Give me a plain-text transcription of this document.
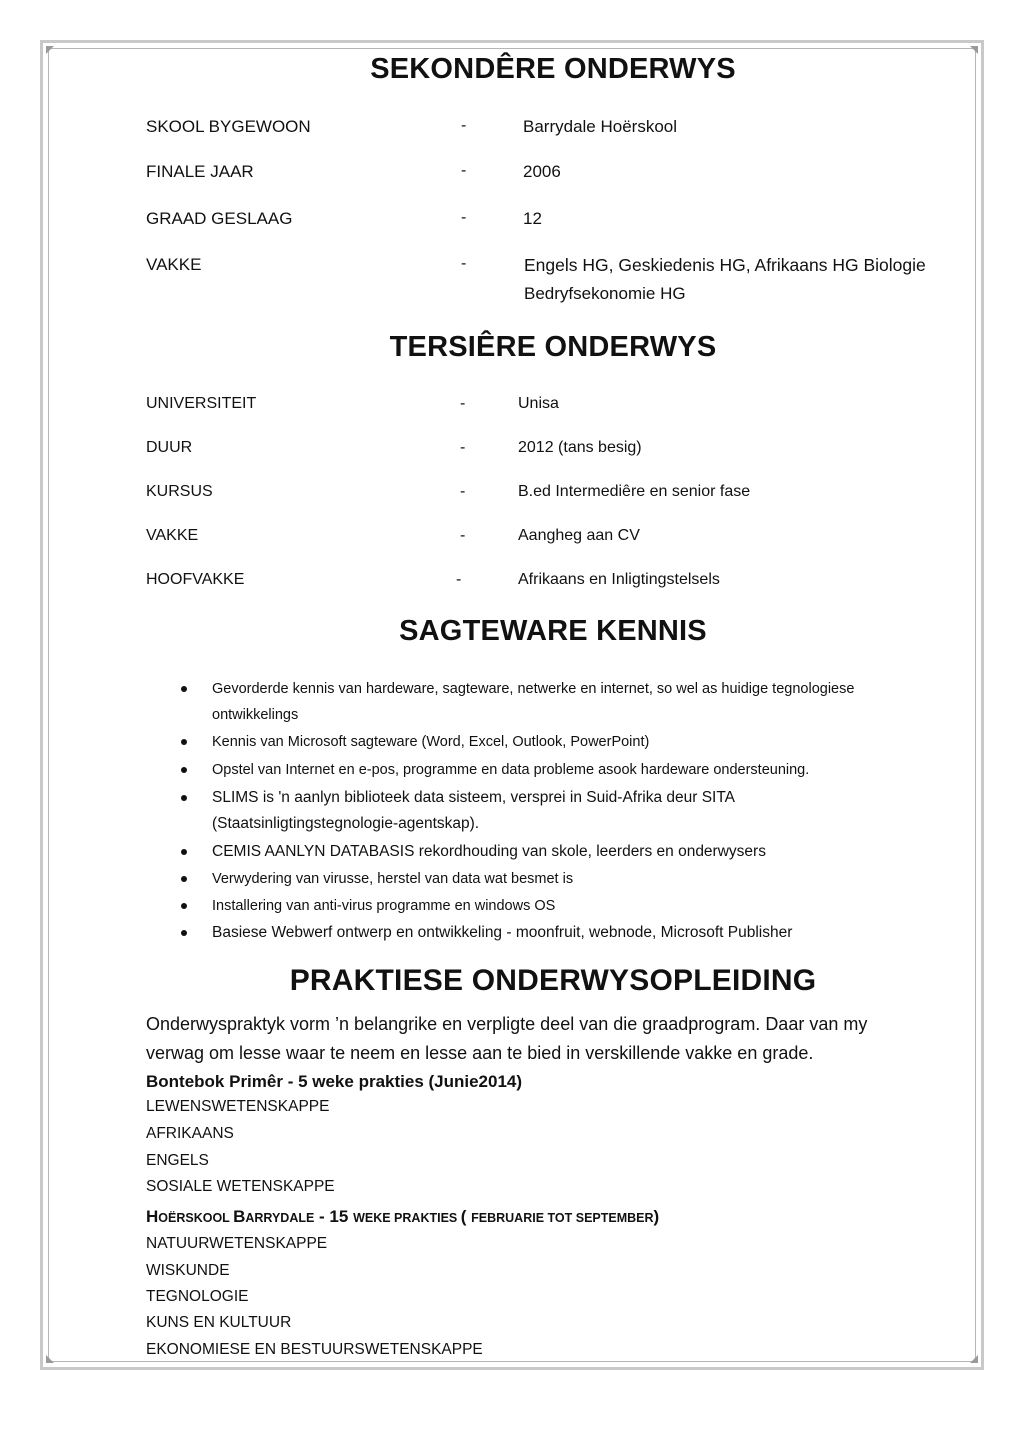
SEKONDÊRE ONDERWYS
SKOOL BYGEWOON	-	Barrydale Hoërskool
FINALE JAAR	-	2006
GRAAD GESLAAG	-	12
VAKKE	-	Engels HG, Geskiedenis HG, Afrikaans HG Biologie
Bedryfsekonomie HG
TERSIÊRE ONDERWYS
UNIVERSITEIT	-	Unisa
DUUR	-	2012 (tans besig)
KURSUS	-	B.ed Intermediêre en senior fase
VAKKE	-	Aangheg aan CV
HOOFVAKKE	-	Afrikaans en Inligtingstelsels
SAGTEWARE KENNIS
Gevorderde kennis van hardeware, sagteware, netwerke en internet, so wel as huidige tegnologiese
ontwikkelings
Kennis van Microsoft sagteware (Word, Excel, Outlook, PowerPoint)
Opstel van Internet en e-pos, programme en data probleme asook hardeware ondersteuning.
SLIMS is 'n aanlyn biblioteek data sisteem, versprei in Suid-Afrika deur SITA
(Staatsinligtingstegnologie-agentskap).
CEMIS AANLYN DATABASIS rekordhouding van skole, leerders en onderwysers
Verwydering van virusse, herstel van data wat besmet is
Installering van anti-virus programme en windows OS
Basiese Webwerf ontwerp en ontwikkeling - moonfruit, webnode, Microsoft Publisher
PRAKTIESE ONDERWYSOPLEIDING
Onderwyspraktyk vorm ’n belangrike en verpligte deel van die graadprogram. Daar van my
verwag om lesse waar te neem en lesse aan te bied in verskillende vakke en grade.
Bontebok Primêr - 5 weke prakties (Junie2014)
LEWENSWETENSKAPPE
AFRIKAANS
ENGELS
SOSIALE WETENSKAPPE
HOËRSKOOL BARRYDALE - 15 WEKE PRAKTIES ( FEBRUARIE TOT SEPTEMBER)
NATUURWETENSKAPPE
WISKUNDE
TEGNOLOGIE
KUNS EN KULTUUR
EKONOMIESE EN BESTUURSWETENSKAPPE
